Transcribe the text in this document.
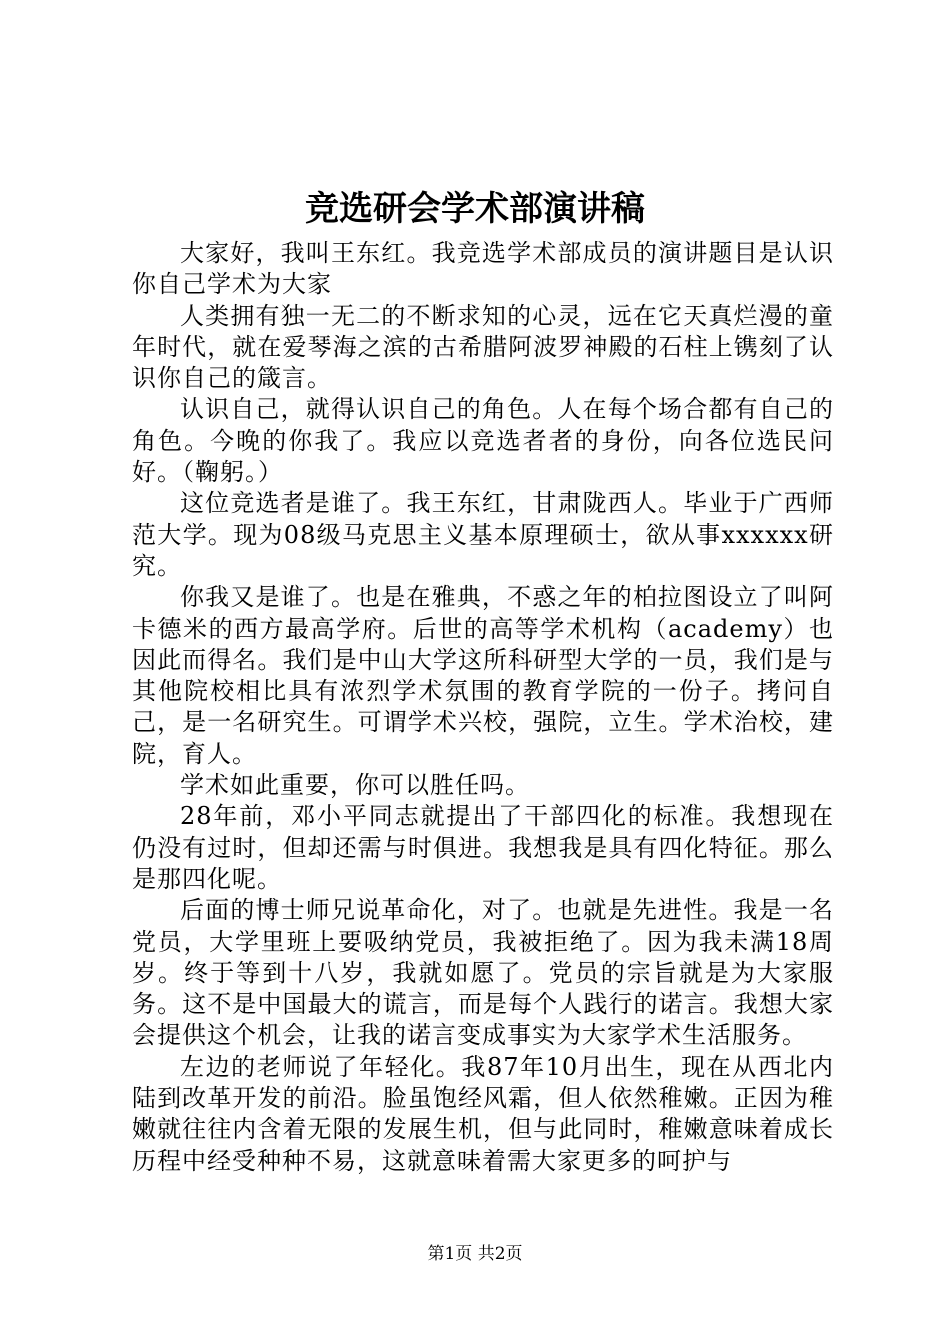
竞选研会学术部演讲稿

大家好，我叫王东红。我竞选学术部成员的演讲题目是认识你自己学术为大家

人类拥有独一无二的不断求知的心灵，远在它天真烂漫的童年时代，就在爱琴海之滨的古希腊阿波罗神殿的石柱上镌刻了认识你自己的箴言。

认识自己，就得认识自己的角色。人在每个场合都有自己的角色。今晚的你我了。我应以竞选者者的身份，向各位选民问好。（鞠躬。）

这位竞选者是谁了。我王东红，甘肃陇西人。毕业于广西师范大学。现为08级马克思主义基本原理硕士，欲从事xxxxxx研究。

你我又是谁了。也是在雅典，不惑之年的柏拉图设立了叫阿卡德米的西方最高学府。后世的高等学术机构（academy）也因此而得名。我们是中山大学这所科研型大学的一员，我们是与其他院校相比具有浓烈学术氛围的教育学院的一份子。拷问自己，是一名研究生。可谓学术兴校，强院，立生。学术治校，建院，育人。

学术如此重要，你可以胜任吗。

28年前，邓小平同志就提出了干部四化的标准。我想现在仍没有过时，但却还需与时俱进。我想我是具有四化特征。那么是那四化呢。

后面的博士师兄说革命化，对了。也就是先进性。我是一名党员，大学里班上要吸纳党员，我被拒绝了。因为我未满18周岁。终于等到十八岁，我就如愿了。党员的宗旨就是为大家服务。这不是中国最大的谎言，而是每个人践行的诺言。我想大家会提供这个机会，让我的诺言变成事实为大家学术生活服务。

左边的老师说了年轻化。我87年10月出生，现在从西北内陆到改革开发的前沿。脸虽饱经风霜，但人依然稚嫩。正因为稚嫩就往往内含着无限的发展生机，但与此同时，稚嫩意味着成长历程中经受种种不易，这就意味着需大家更多的呵护与

第1页 共2页
